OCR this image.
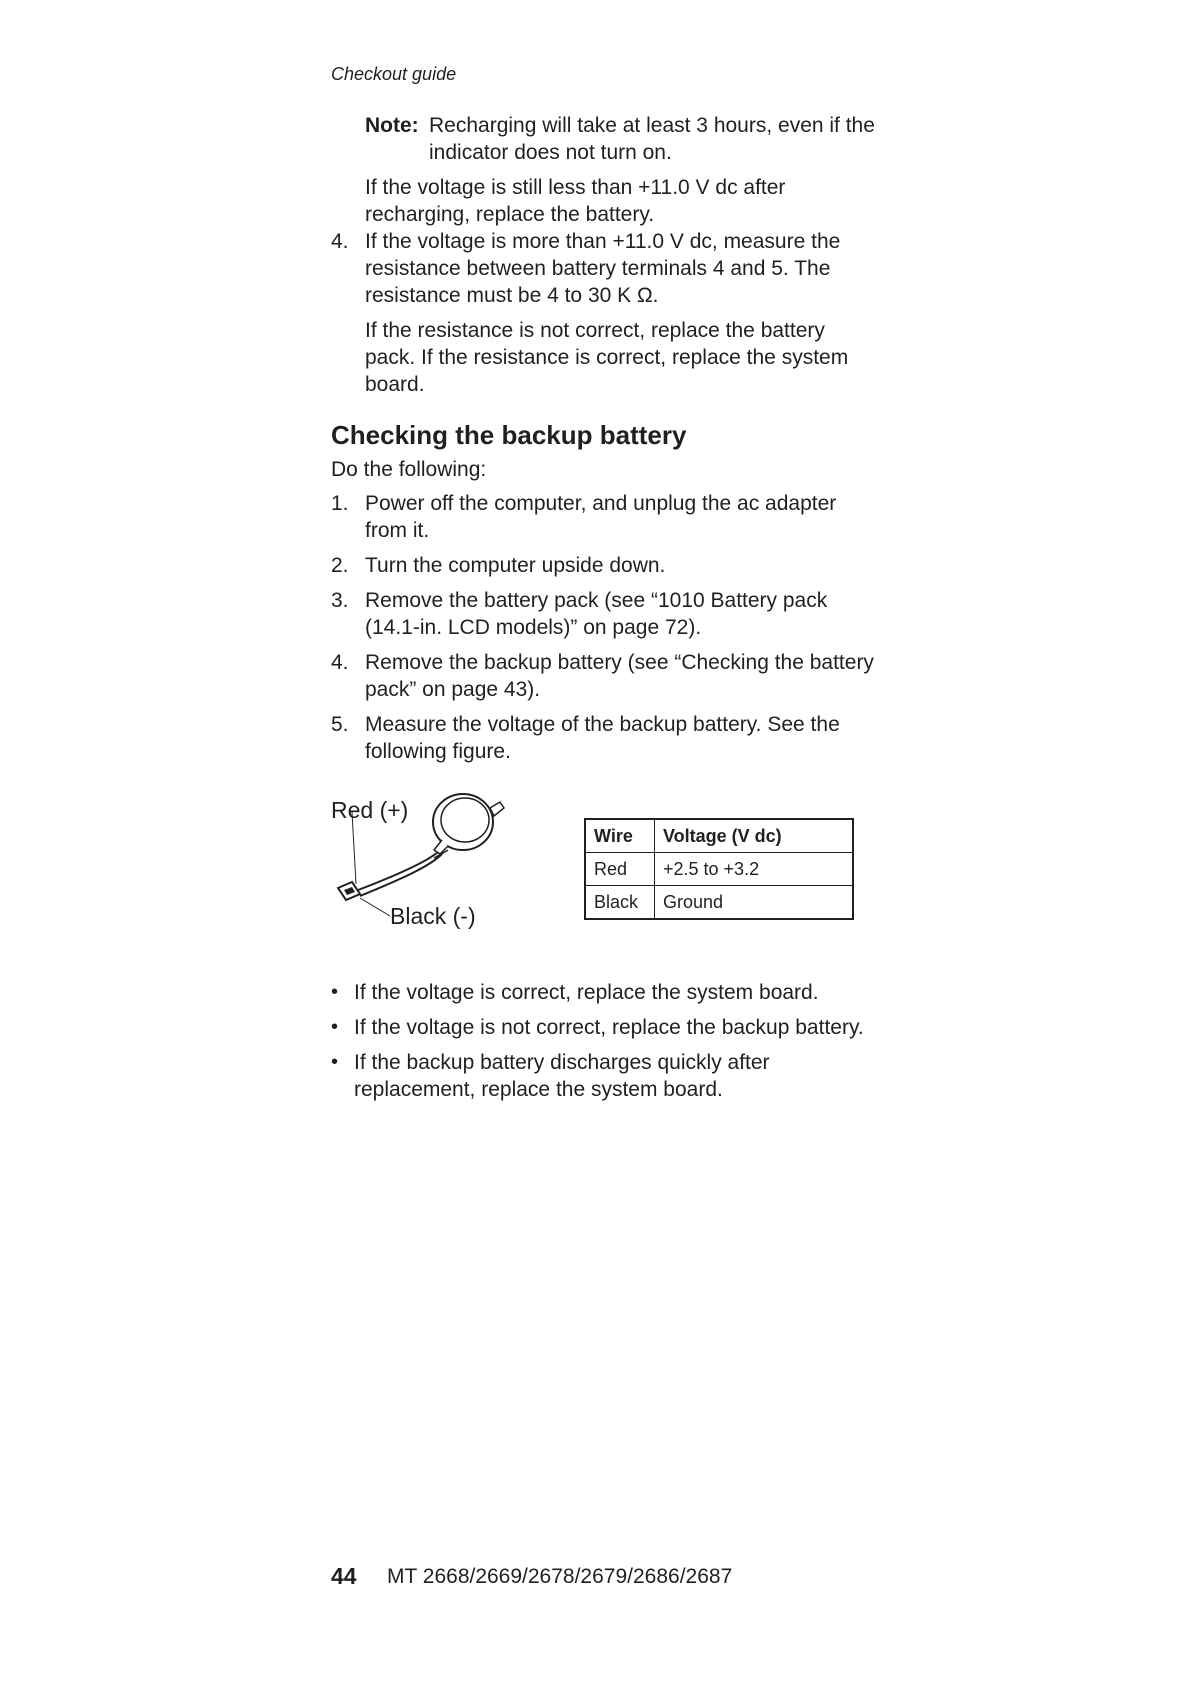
Checkout guide
Note: Recharging will take at least 3 hours, even if the
indicator does not turn on.
If the voltage is still less than +11.0 V dc after
recharging, replace the battery.
4. If the voltage is more than +11.0 V dc, measure the
resistance between battery terminals 4 and 5. The
resistance must be 4 to 30 K Ω.
If the resistance is not correct, replace the battery
pack. If the resistance is correct, replace the system
board.
Checking the backup battery
Do the following:
1. Power off the computer, and unplug the ac adapter
from it.
2. Turn the computer upside down.
3. Remove the battery pack (see “1010 Battery pack
(14.1-in. LCD models)” on page 72).
4. Remove the backup battery (see “Checking the battery
pack” on page 43).
5. Measure the voltage of the backup battery. See the
following figure.
Red (+)
Black (-)
Wire	Voltage (V dc)
Red	+2.5 to +3.2
Black	Ground
• If the voltage is correct, replace the system board.
• If the voltage is not correct, replace the backup battery.
• If the backup battery discharges quickly after
replacement, replace the system board.
44 MT 2668/2669/2678/2679/2686/2687
